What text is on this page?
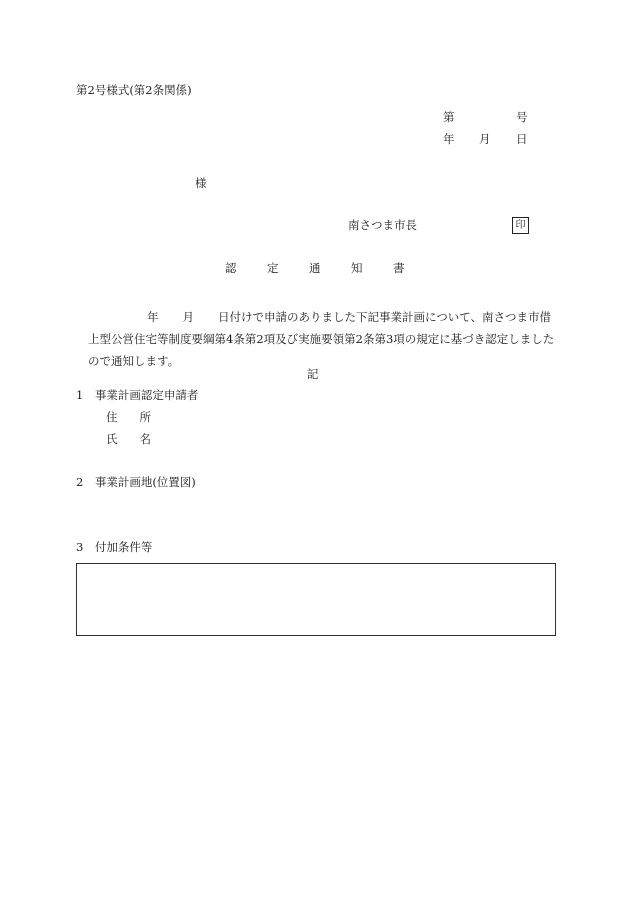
第2号様式(第2条関係)
第	号
年 月 日
様
南さつま市長	印
認	定	通	知	書
年 月 日付けで申請のありました下記事業計画について、南さつま市借上型公営住宅等制度要綱第4条第2項及び実施要領第2条第3項の規定に基づき認定しましたので通知します。
記
1　事業計画認定申請者
住 所
氏 名
2　事業計画地(位置図)
3　付加条件等
